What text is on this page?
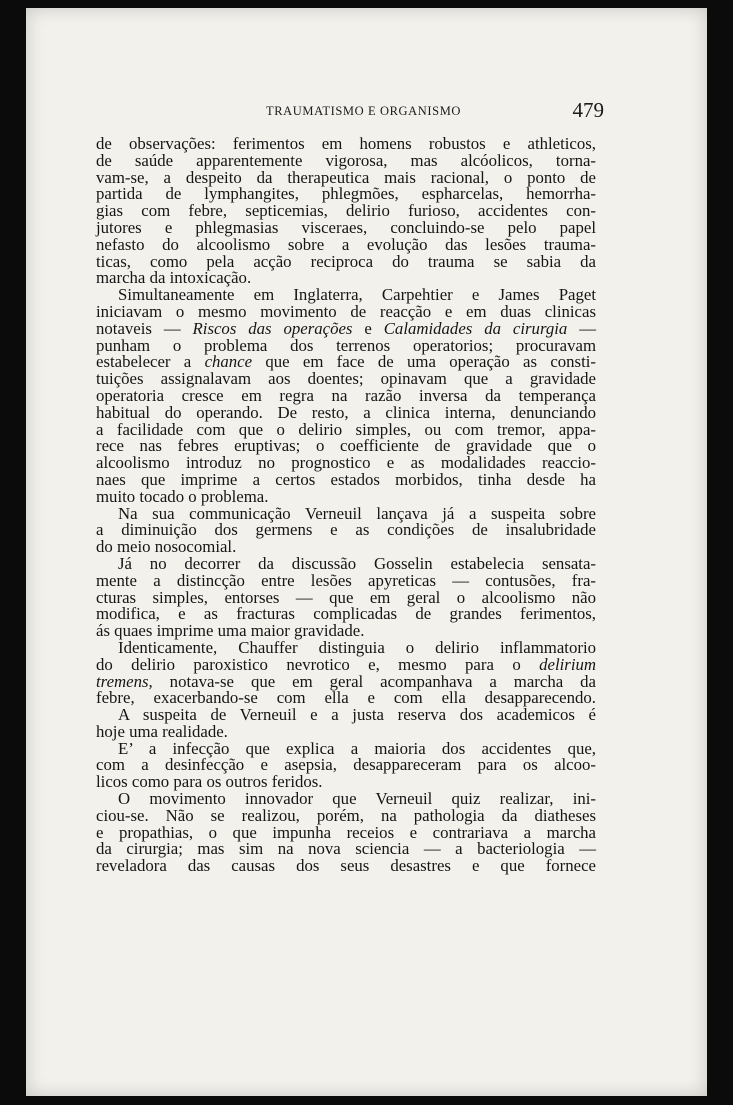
TRAUMATISMO E ORGANISMO	479
de observações: ferimentos em homens robustos e athleticos,
de saúde apparentemente vigorosa, mas alcóolicos, torna-
vam-se, a despeito da therapeutica mais racional, o ponto de
partida de lymphangites, phlegmões, espharcelas, hemorrha-
gias com febre, septicemias, delirio furioso, accidentes con-
jutores e phlegmasias visceraes, concluindo-se pelo papel
nefasto do alcoolismo sobre a evolução das lesões trauma-
ticas, como pela acção reciproca do trauma se sabia da
marcha da intoxicação.
Simultaneamente em Inglaterra, Carpehtier e James Paget
iniciavam o mesmo movimento de reacção e em duas clinicas
notaveis — Riscos das operações e Calamidades da cirurgia —
punham o problema dos terrenos operatorios; procuravam
estabelecer a chance que em face de uma operação as consti-
tuições assignalavam aos doentes; opinavam que a gravidade
operatoria cresce em regra na razão inversa da temperança
habitual do operando. De resto, a clinica interna, denunciando
a facilidade com que o delirio simples, ou com tremor, appa-
rece nas febres eruptivas; o coefficiente de gravidade que o
alcoolismo introduz no prognostico e as modalidades reaccio-
naes que imprime a certos estados morbidos, tinha desde ha
muito tocado o problema.
Na sua communicação Verneuil lançava já a suspeita sobre
a diminuição dos germens e as condições de insalubridade
do meio nosocomial.
Já no decorrer da discussão Gosselin estabelecia sensata-
mente a distincção entre lesões apyreticas — contusões, fra-
cturas simples, entorses — que em geral o alcoolismo não
modifica, e as fracturas complicadas de grandes ferimentos,
ás quaes imprime uma maior gravidade.
Identicamente, Chauffer distinguia o delirio inflammatorio
do delirio paroxistico nevrotico e, mesmo para o delirium
tremens, notava-se que em geral acompanhava a marcha da
febre, exacerbando-se com ella e com ella desapparecendo.
A suspeita de Verneuil e a justa reserva dos academicos é
hoje uma realidade.
E’ a infecção que explica a maioria dos accidentes que,
com a desinfecção e asepsia, desappareceram para os alcoo-
licos como para os outros feridos.
O movimento innovador que Verneuil quiz realizar, ini-
ciou-se. Não se realizou, porém, na pathologia da diatheses
e propathias, o que impunha receios e contrariava a marcha
da cirurgia; mas sim na nova sciencia — a bacteriologia —
reveladora das causas dos seus desastres e que fornece
